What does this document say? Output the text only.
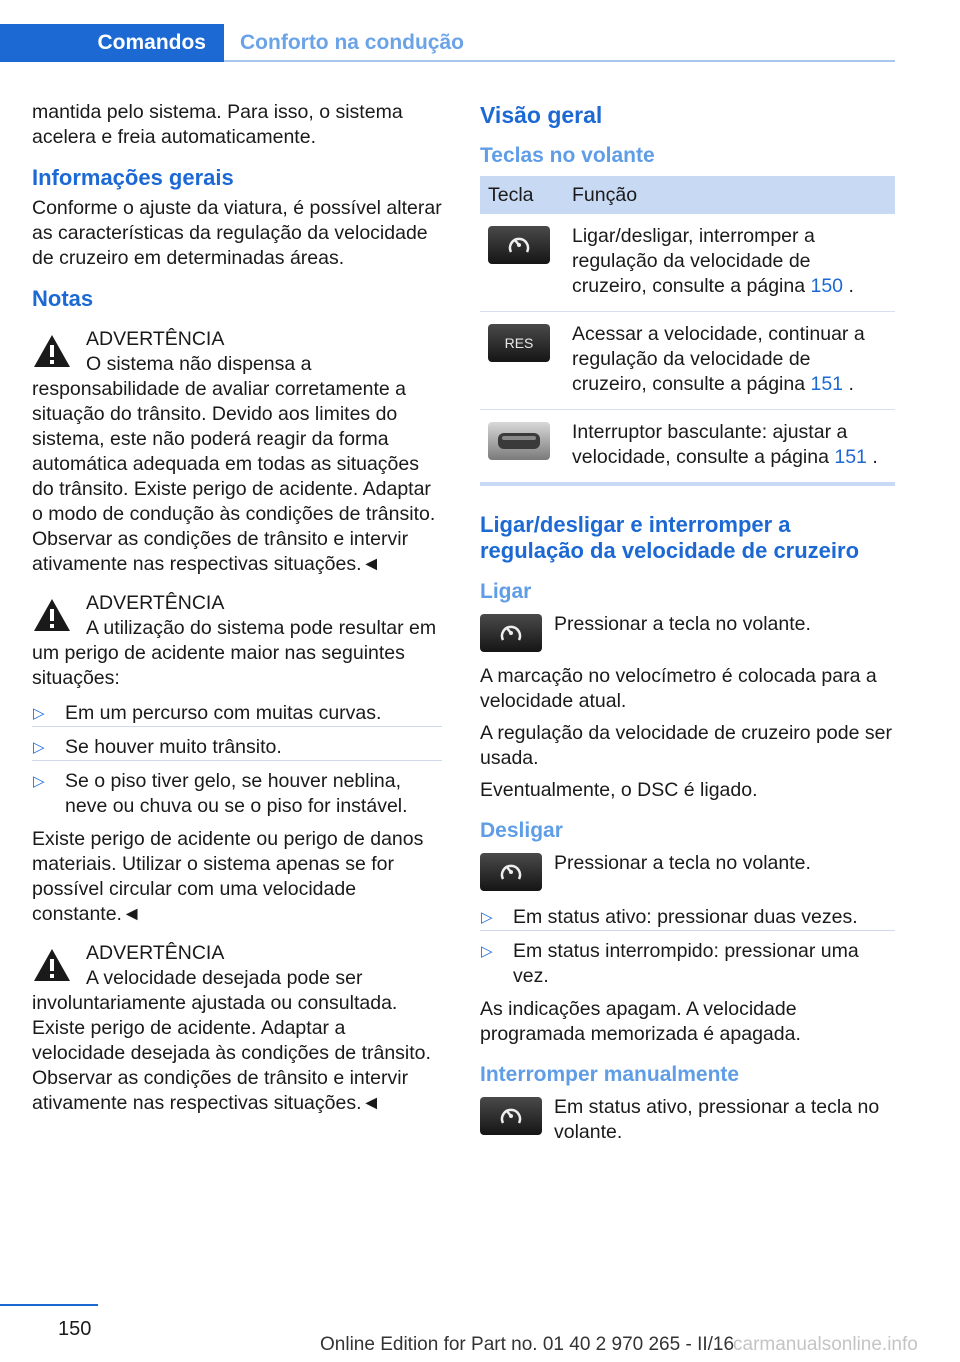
Comandos Conforto na condução

mantida pelo sistema. Para isso, o sistema acelera e freia automaticamente.

Informações gerais

Conforme o ajuste da viatura, é possível alterar as características da regulação da velocidade de cruzeiro em determinadas áreas.

Notas
ADVERTÊNCIA
O sistema não dispensa a responsabilidade de avaliar corretamente a situação do trânsito. Devido aos limites do sistema, este não poderá reagir da forma automática adequada em todas as situações do trânsito. Existe perigo de acidente. Adaptar o modo de condução às condições de trânsito. Observar as condições de trânsito e intervir ativamente nas respectivas situações.◄
ADVERTÊNCIA
A utilização do sistema pode resultar em um perigo de acidente maior nas seguintes situações:
▷ Em um percurso com muitas curvas.
▷ Se houver muito trânsito.
▷ Se o piso tiver gelo, se houver neblina, neve ou chuva ou se o piso for instável.

Existe perigo de acidente ou perigo de danos materiais. Utilizar o sistema apenas se for possível circular com uma velocidade constante.◄

ADVERTÊNCIA
A velocidade desejada pode ser involuntariamente ajustada ou consultada. Existe perigo de acidente. Adaptar a velocidade desejada às condições de trânsito. Observar as condições de trânsito e intervir ativamente nas respectivas situações.◄
Visão geral
Teclas no volante
Tecla	Função

	Ligar/desligar, interromper a regulação da velocidade de cruzeiro, consulte a página 150 .

RES	Acessar a velocidade, continuar a regulação da velocidade de cruzeiro, consulte a página 151 .

	Interruptor basculante: ajustar a velocidade, consulte a página 151 .
Ligar/desligar e interromper a regulação da velocidade de cruzeiro
Ligar
Pressionar a tecla no volante.

A marcação no velocímetro é colocada para a velocidade atual.

A regulação da velocidade de cruzeiro pode ser usada.

Eventualmente, o DSC é ligado.

Desligar
Pressionar a tecla no volante.
▷ Em status ativo: pressionar duas vezes.
▷ Em status interrompido: pressionar uma vez.

As indicações apagam. A velocidade programada memorizada é apagada.

Interromper manualmente
Em status ativo, pressionar a tecla no volante.
150
Online Edition for Part no. 01 40 2 970 265 - II/16
carmanualsonline.info
